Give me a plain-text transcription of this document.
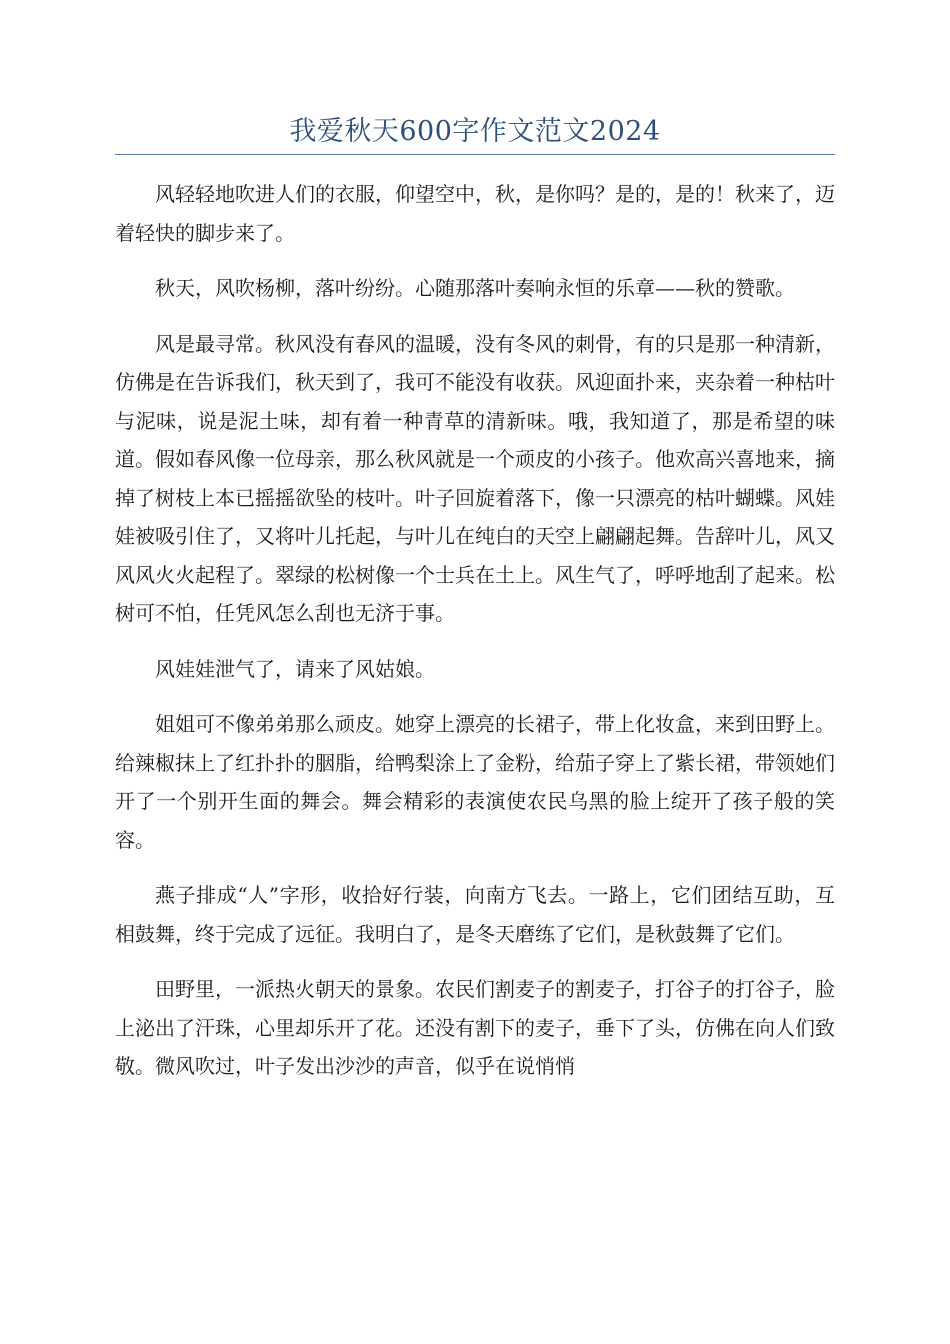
我爱秋天600字作文范文2024

风轻轻地吹进人们的衣服，仰望空中，秋，是你吗？是的，是的！秋来了，迈着轻快的脚步来了。

秋天，风吹杨柳，落叶纷纷。心随那落叶奏响永恒的乐章——秋的赞歌。

风是最寻常。秋风没有春风的温暖，没有冬风的刺骨，有的只是那一种清新，仿佛是在告诉我们，秋天到了，我可不能没有收获。风迎面扑来，夹杂着一种枯叶与泥味，说是泥土味，却有着一种青草的清新味。哦，我知道了，那是希望的味道。假如春风像一位母亲，那么秋风就是一个顽皮的小孩子。他欢高兴喜地来，摘掉了树枝上本已摇摇欲坠的枝叶。叶子回旋着落下，像一只漂亮的枯叶蝴蝶。风娃娃被吸引住了，又将叶儿托起，与叶儿在纯白的天空上翩翩起舞。告辞叶儿，风又风风火火起程了。翠绿的松树像一个士兵在土上。风生气了，呼呼地刮了起来。松树可不怕，任凭风怎么刮也无济于事。

风娃娃泄气了，请来了风姑娘。

姐姐可不像弟弟那么顽皮。她穿上漂亮的长裙子，带上化妆盒，来到田野上。给辣椒抹上了红扑扑的胭脂，给鸭梨涂上了金粉，给茄子穿上了紫长裙，带领她们开了一个别开生面的舞会。舞会精彩的表演使农民乌黑的脸上绽开了孩子般的笑容。

燕子排成“人”字形，收拾好行装，向南方飞去。一路上，它们团结互助，互相鼓舞，终于完成了远征。我明白了，是冬天磨练了它们，是秋鼓舞了它们。

田野里，一派热火朝天的景象。农民们割麦子的割麦子，打谷子的打谷子，脸上泌出了汗珠，心里却乐开了花。还没有割下的麦子，垂下了头，仿佛在向人们致敬。微风吹过，叶子发出沙沙的声音，似乎在说悄悄
